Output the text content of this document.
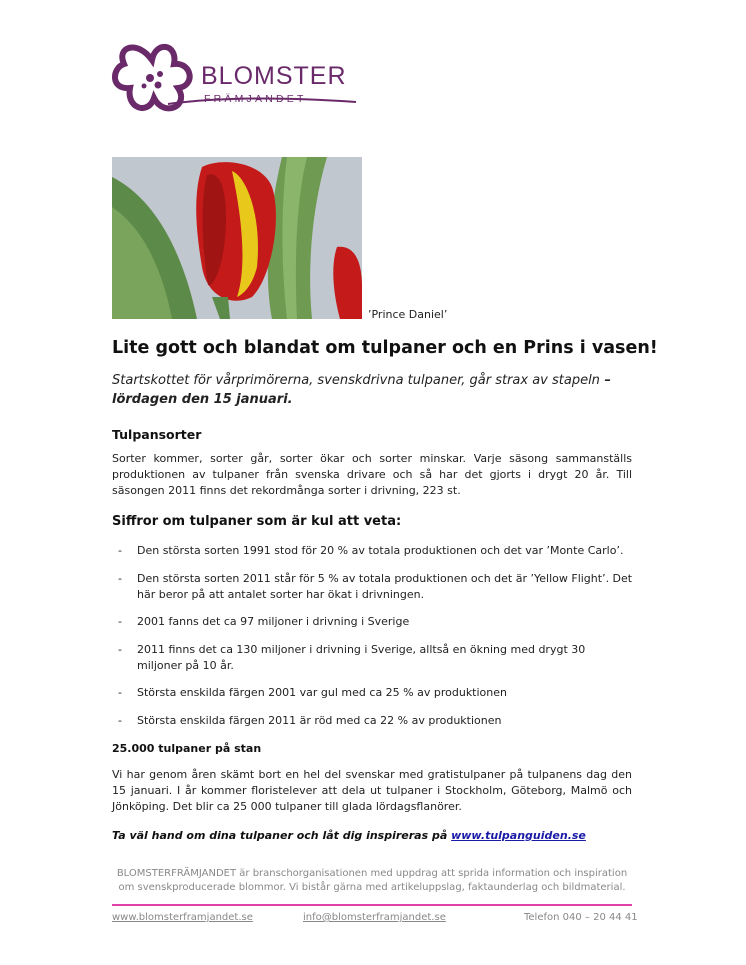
BLOMSTER
FRÄMJANDET
’Prince Daniel’
Lite gott och blandat om tulpaner och en Prins i vasen!
Startskottet för vårprimörerna, svenskdrivna tulpaner, går strax av stapeln –
lördagen den 15 januari.
Tulpansorter
Sorter kommer, sorter går, sorter ökar och sorter minskar. Varje säsong sammanställs produktionen av tulpaner från svenska drivare och så har det gjorts i drygt 20 år. Till säsongen 2011 finns det rekordmånga sorter i drivning, 223 st.
Siffror om tulpaner som är kul att veta:
- Den största sorten 1991 stod för 20 % av totala produktionen och det var ’Monte Carlo’.
- Den största sorten 2011 står för 5 % av totala produktionen och det är ’Yellow Flight’. Det här beror på att antalet sorter har ökat i drivningen.
- 2001 fanns det ca 97 miljoner i drivning i Sverige
- 2011 finns det ca 130 miljoner i drivning i Sverige, alltså en ökning med drygt 30 miljoner på 10 år.
- Största enskilda färgen 2001 var gul med ca 25 % av produktionen
- Största enskilda färgen 2011 är röd med ca 22 % av produktionen
25.000 tulpaner på stan
Vi har genom åren skämt bort en hel del svenskar med gratistulpaner på tulpanens dag den 15 januari. I år kommer floristelever att dela ut tulpaner i Stockholm, Göteborg, Malmö och Jönköping. Det blir ca 25 000 tulpaner till glada lördagsflanörer.
Ta väl hand om dina tulpaner och låt dig inspireras på www.tulpanguiden.se
BLOMSTERFRÄMJANDET är branschorganisationen med uppdrag att sprida information och inspiration om svenskproducerade blommor. Vi bistår gärna med artikeluppslag, faktaunderlag och bildmaterial.
www.blomsterframjandet.se	info@blomsterframjandet.se	Telefon 040 – 20 44 41
